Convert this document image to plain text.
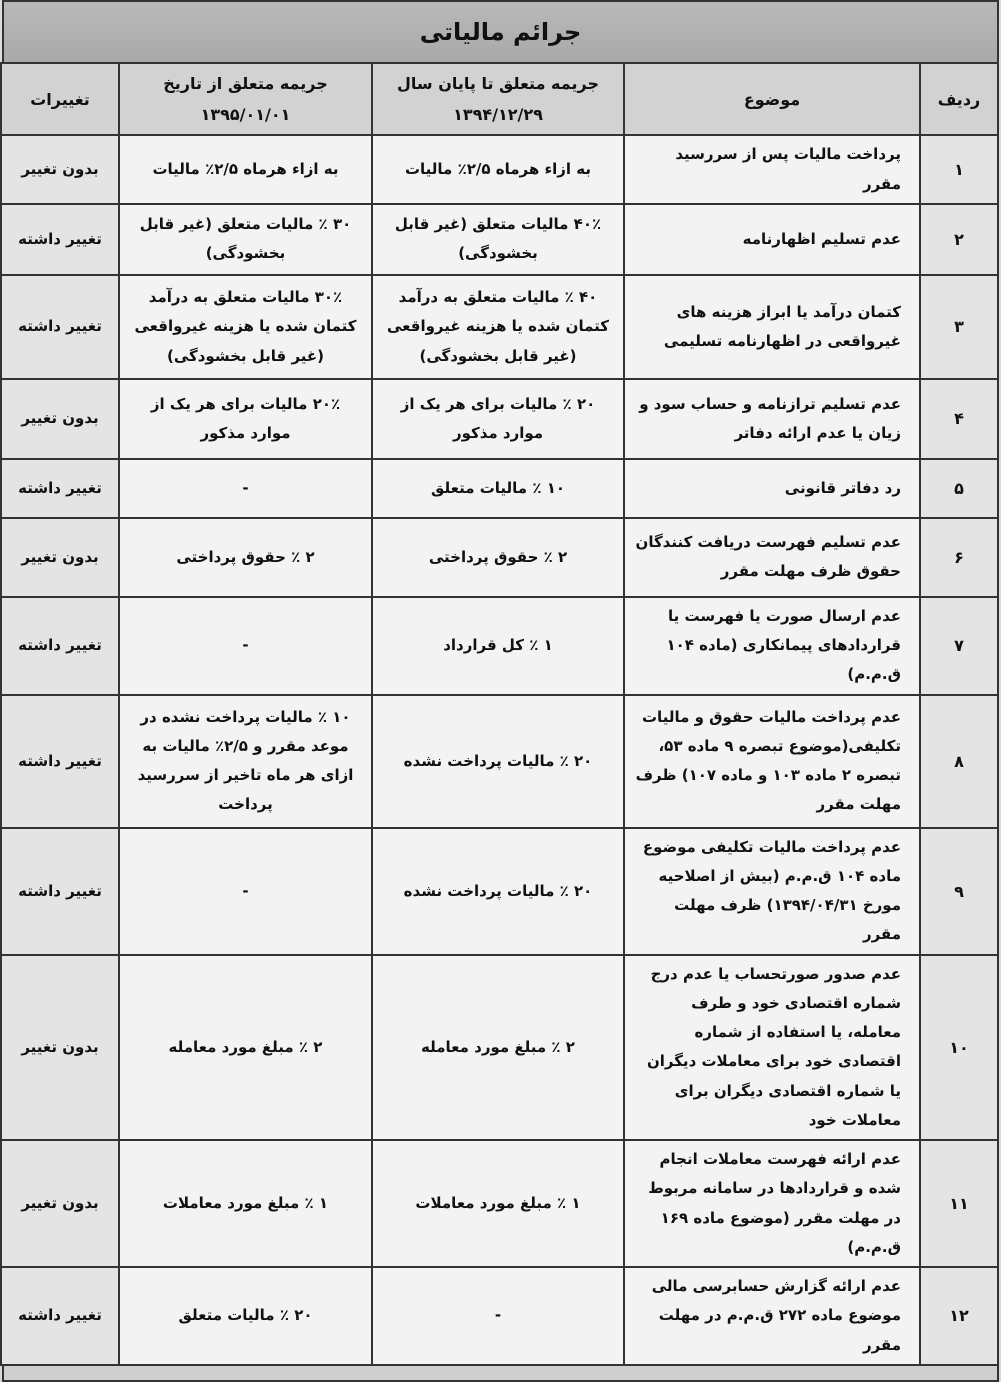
جرائم مالیاتی
ردیف	موضوع	جریمه متعلق تا پایان سال ۱۳۹۴/۱۲/۲۹	جریمه متعلق از تاریخ ۱۳۹۵/۰۱/۰۱	تغییرات
۱	پرداخت مالیات پس از سررسید مقرر	به ازاء هرماه ۲/۵٪ مالیات	به ازاء هرماه ۲/۵٪ مالیات	بدون تغییر
۲	عدم تسلیم اظهارنامه	۴۰٪ مالیات متعلق (غیر قابل بخشودگی)	۳۰ ٪ مالیات متعلق (غیر قابل بخشودگی)	تغییر داشته
۳	کتمان درآمد یا ابراز هزینه های غیرواقعی در اظهارنامه تسلیمی	۴۰ ٪ مالیات متعلق به درآمد کتمان شده یا هزینه غیرواقعی (غیر قابل بخشودگی)	۳۰٪ مالیات متعلق به درآمد کتمان شده یا هزینه غیرواقعی (غیر قابل بخشودگی)	تغییر داشته
۴	عدم تسلیم ترازنامه و حساب سود و زیان یا عدم ارائه دفاتر	۲۰ ٪ مالیات برای هر یک از موارد مذکور	۲۰٪ مالیات برای هر یک از موارد مذکور	بدون تغییر
۵	رد دفاتر قانونی	۱۰ ٪ مالیات متعلق	-	تغییر داشته
۶	عدم تسلیم فهرست دریافت کنندگان حقوق ظرف مهلت مقرر	۲ ٪ حقوق پرداختی	۲ ٪ حقوق پرداختی	بدون تغییر
۷	عدم ارسال صورت یا فهرست یا قراردادهای پیمانکاری (ماده ۱۰۴ ق.م.م)	۱ ٪ کل قرارداد	-	تغییر داشته
۸	عدم پرداخت مالیات حقوق و مالیات تکلیفی(موضوع تبصره ۹ ماده ۵۳، تبصره ۲ ماده ۱۰۳ و ماده ۱۰۷) ظرف مهلت مقرر	۲۰ ٪ مالیات پرداخت نشده	۱۰ ٪ مالیات پرداخت نشده در موعد مقرر و ۲/۵٪ مالیات به ازای هر ماه تاخیر از سررسید پرداخت	تغییر داشته
۹	عدم پرداخت مالیات تکلیفی موضوع ماده ۱۰۴ ق.م.م (بیش از اصلاحیه مورخ ۱۳۹۴/۰۴/۳۱) ظرف مهلت مقرر	۲۰ ٪ مالیات پرداخت نشده	-	تغییر داشته
۱۰	عدم صدور صورتحساب یا عدم درج شماره اقتصادی خود و طرف معامله، یا استفاده از شماره اقتصادی خود برای معاملات دیگران یا شماره اقتصادی دیگران برای معاملات خود	۲ ٪ مبلغ مورد معامله	۲ ٪ مبلغ مورد معامله	بدون تغییر
۱۱	عدم ارائه فهرست معاملات انجام شده و قراردادها در سامانه مربوط در مهلت مقرر (موضوع ماده ۱۶۹ ق.م.م)	۱ ٪ مبلغ مورد معاملات	۱ ٪ مبلغ مورد معاملات	بدون تغییر
۱۲	عدم ارائه گزارش حسابرسی مالی موضوع ماده ۲۷۲ ق.م.م در مهلت مقرر	-	۲۰ ٪ مالیات متعلق	تغییر داشته
